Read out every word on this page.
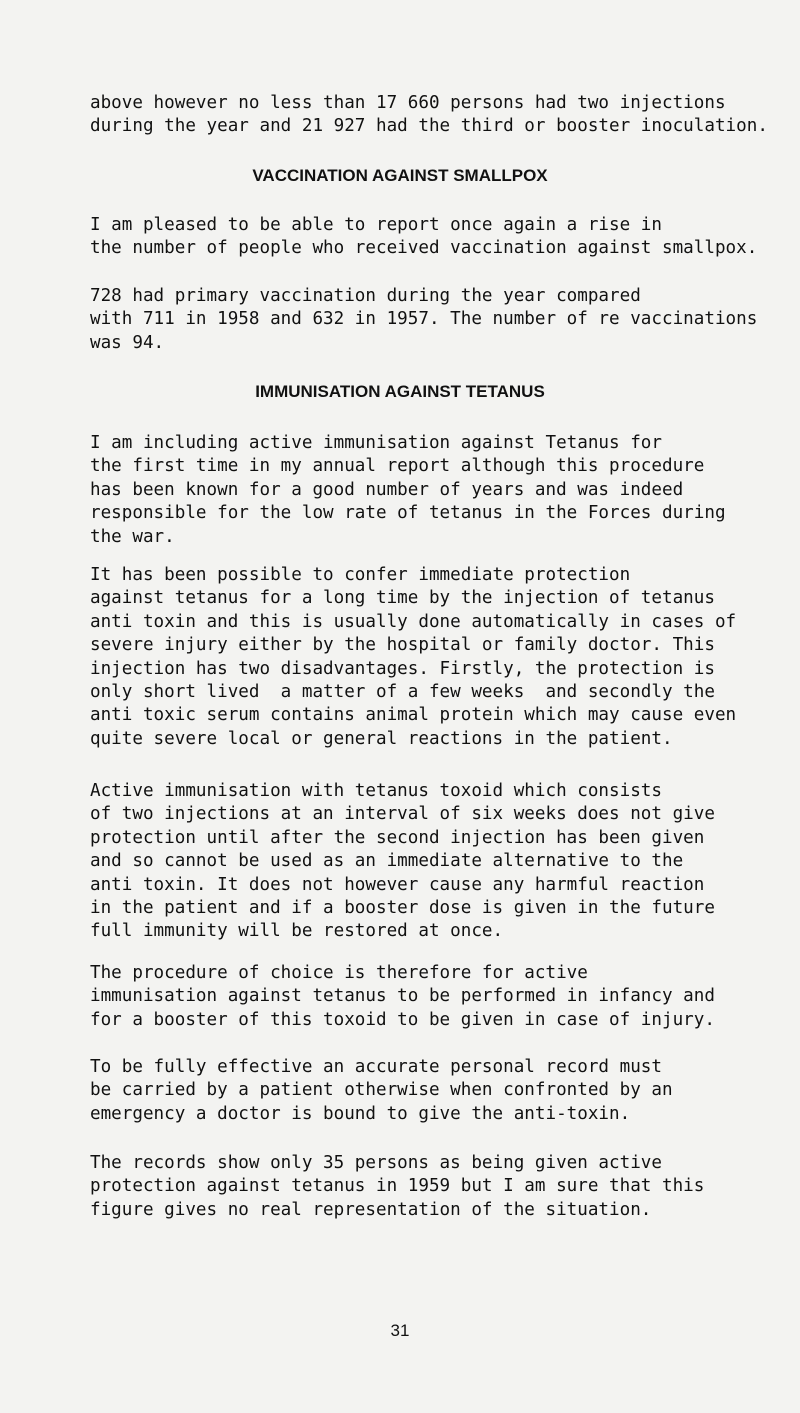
above however no less than 17 660 persons had two injections
during the year and 21 927 had the third or booster inoculation.

VACCINATION AGAINST SMALLPOX

I am pleased to be able to report once again a rise in
the number of people who received vaccination against smallpox.

728 had primary vaccination during the year compared
with 711 in 1958 and 632 in 1957. The number of re vaccinations
was 94.

IMMUNISATION AGAINST TETANUS

I am including active immunisation against Tetanus for
the first time in my annual report although this procedure
has been known for a good number of years and was indeed
responsible for the low rate of tetanus in the Forces during
the war.

It has been possible to confer immediate protection
against tetanus for a long time by the injection of tetanus
anti toxin and this is usually done automatically in cases of
severe injury either by the hospital or family doctor. This
injection has two disadvantages. Firstly, the protection is
only short lived  a matter of a few weeks  and secondly the
anti toxic serum contains animal protein which may cause even
quite severe local or general reactions in the patient.

Active immunisation with tetanus toxoid which consists
of two injections at an interval of six weeks does not give
protection until after the second injection has been given
and so cannot be used as an immediate alternative to the
anti toxin. It does not however cause any harmful reaction
in the patient and if a booster dose is given in the future
full immunity will be restored at once.

The procedure of choice is therefore for active
immunisation against tetanus to be performed in infancy and
for a booster of this toxoid to be given in case of injury.

To be fully effective an accurate personal record must
be carried by a patient otherwise when confronted by an
emergency a doctor is bound to give the anti-toxin.

The records show only 35 persons as being given active
protection against tetanus in 1959 but I am sure that this
figure gives no real representation of the situation.

31
